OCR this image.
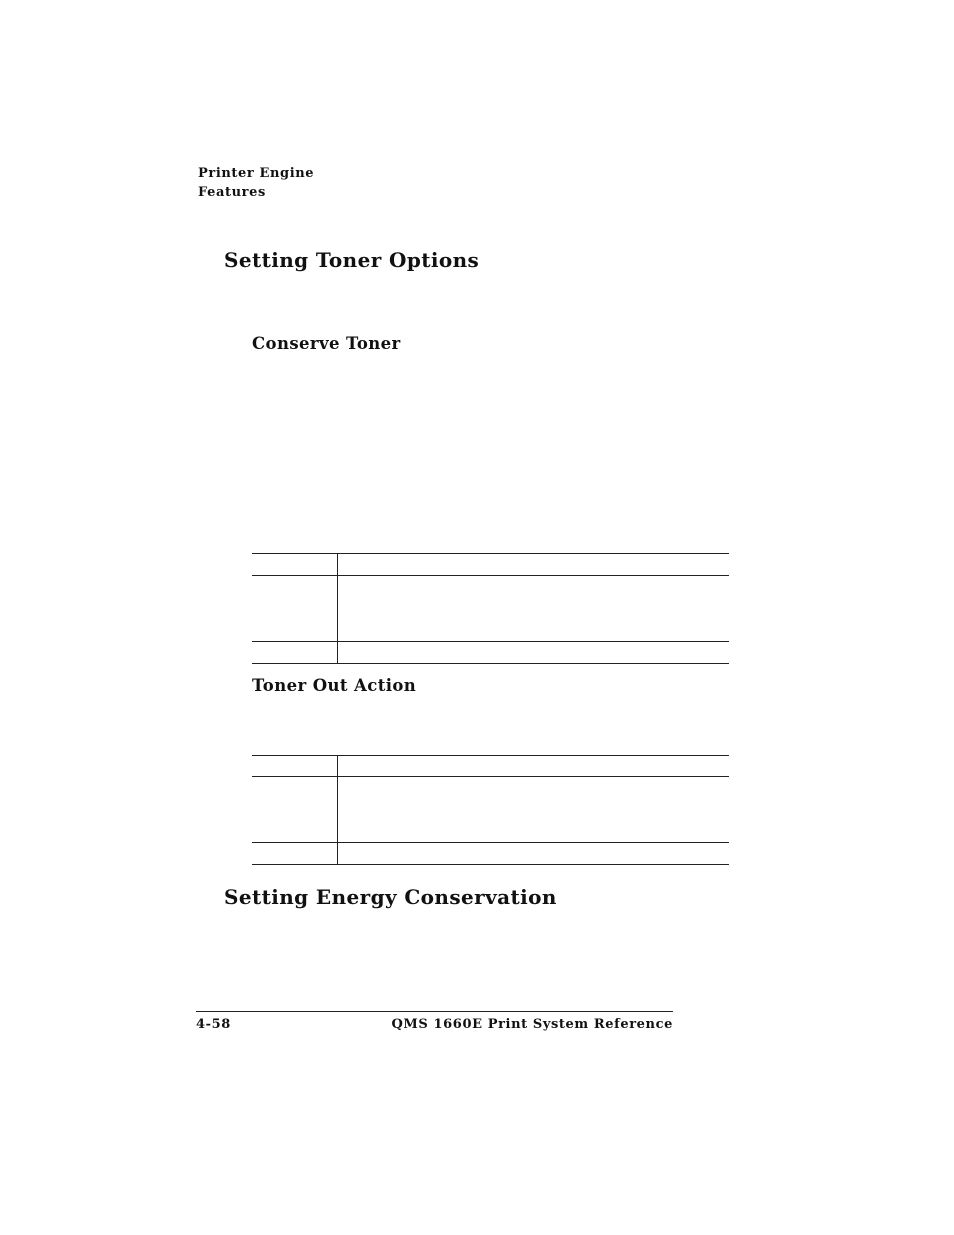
Printer Engine

Features

Setting Toner Options
Conserve Toner
Toner Out Action
Setting Energy Conservation

4-58	QMS 1660E Print System Reference
